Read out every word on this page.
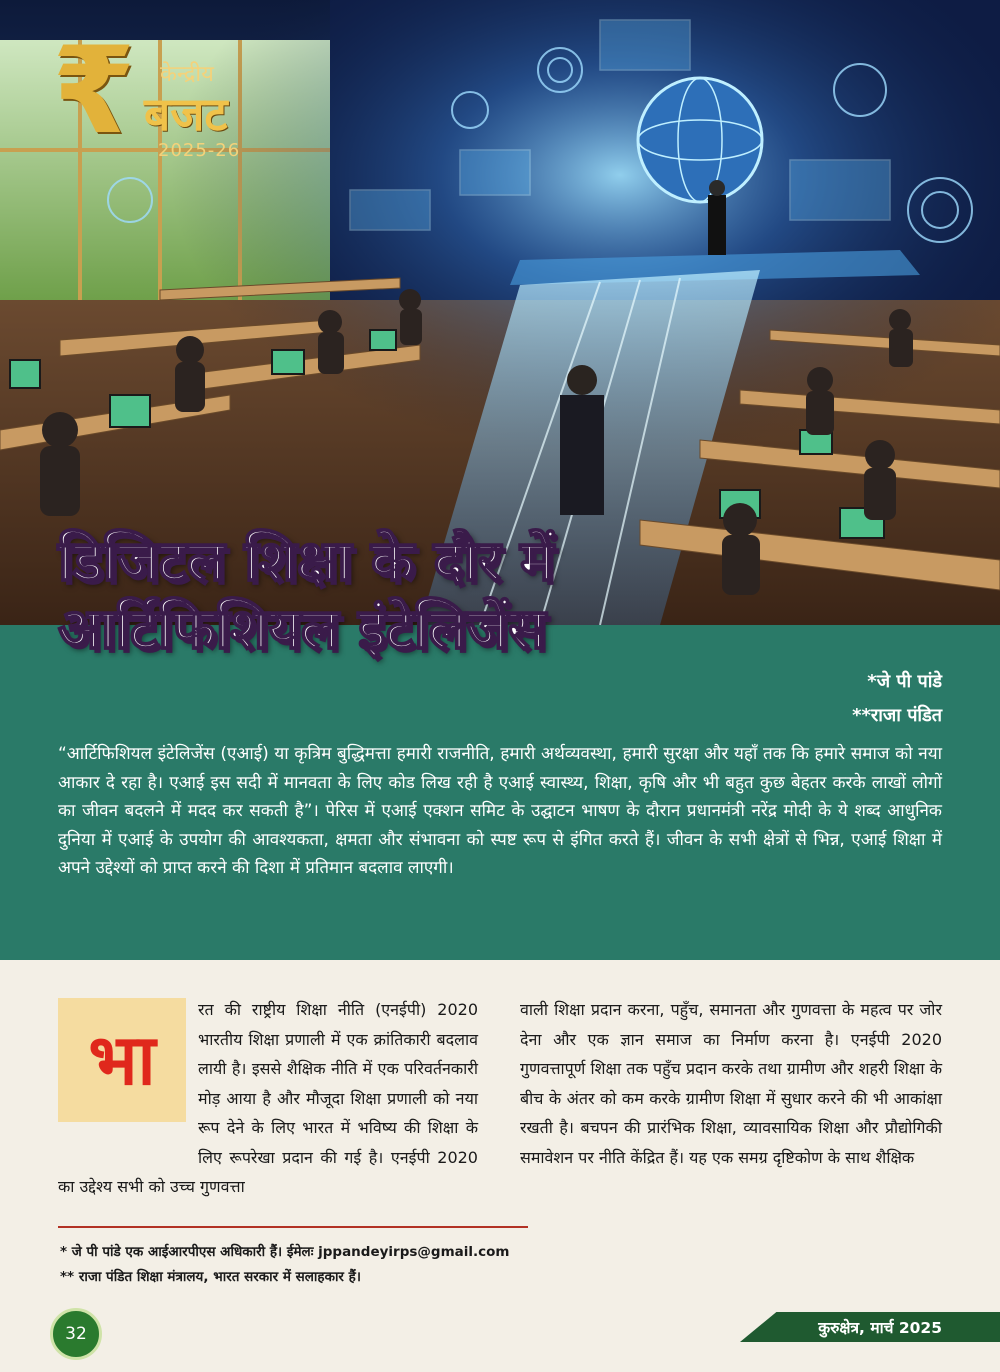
₹ केन्द्रीय
बजट
2025-26
डिजिटल शिक्षा के दौर में
आर्टिफिशियल इंटेलिजेंस
*जे पी पांडे
**राजा पंडित
“आर्टिफिशियल इंटेलिजेंस (एआई) या कृत्रिम बुद्धिमत्ता हमारी राजनीति, हमारी अर्थव्यवस्था, हमारी सुरक्षा और यहाँ तक कि हमारे समाज को नया आकार दे रहा है। एआई इस सदी में मानवता के लिए कोड लिख रही है एआई स्वास्थ्य, शिक्षा, कृषि और भी बहुत कुछ बेहतर करके लाखों लोगों का जीवन बदलने में मदद कर सकती है”। पेरिस में एआई एक्शन समिट के उद्घाटन भाषण के दौरान प्रधानमंत्री नरेंद्र मोदी के ये शब्द आधुनिक दुनिया में एआई के उपयोग की आवश्यकता, क्षमता और संभावना को स्पष्ट रूप से इंगित करते हैं। जीवन के सभी क्षेत्रों से भिन्न, एआई शिक्षा में अपने उद्देश्यों को प्राप्त करने की दिशा में प्रतिमान बदलाव लाएगी।
भा
रत की राष्ट्रीय शिक्षा नीति (एनईपी) 2020 भारतीय शिक्षा प्रणाली में एक क्रांतिकारी बदलाव लायी है। इससे शैक्षिक नीति में एक परिवर्तनकारी मोड़ आया है और मौजूदा शिक्षा प्रणाली को नया रूप देने के लिए भारत में भविष्य की शिक्षा के लिए रूपरेखा प्रदान की गई है। एनईपी 2020 का उद्देश्य सभी को उच्च गुणवत्ता
वाली शिक्षा प्रदान करना, पहुँच, समानता और गुणवत्ता के महत्व पर जोर देना और एक ज्ञान समाज का निर्माण करना है। एनईपी 2020 गुणवत्तापूर्ण शिक्षा तक पहुँच प्रदान करके तथा ग्रामीण और शहरी शिक्षा के बीच के अंतर को कम करके ग्रामीण शिक्षा में सुधार करने की भी आकांक्षा रखती है। बचपन की प्रारंभिक शिक्षा, व्यावसायिक शिक्षा और प्रौद्योगिकी समावेशन पर नीति केंद्रित हैं। यह एक समग्र दृष्टिकोण के साथ शैक्षिक
* जे पी पांडे एक आईआरपीएस अधिकारी हैं। ईमेलः jppandeyirps@gmail.com
** राजा पंडित शिक्षा मंत्रालय, भारत सरकार में सलाहकार हैं।
32	कुरुक्षेत्र, मार्च 2025
